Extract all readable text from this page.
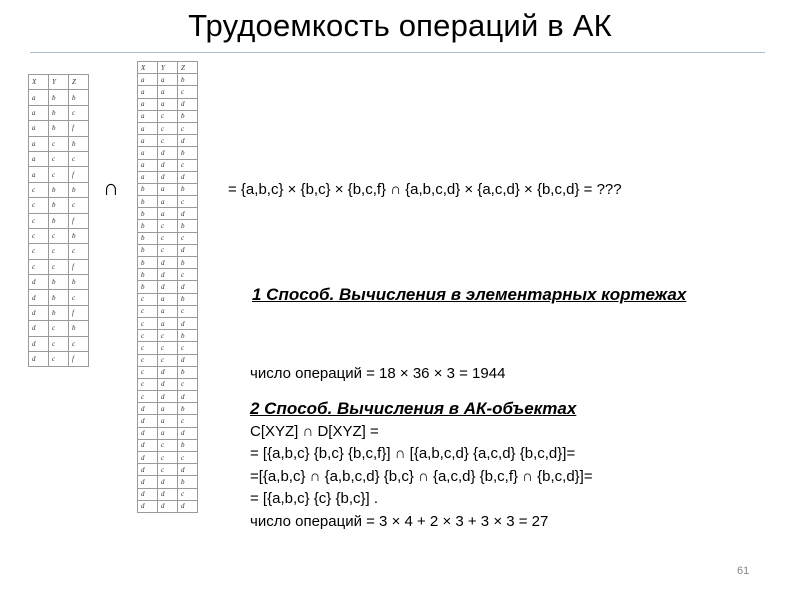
Трудоемкость операций в АК
X	Y	Z
a	b	b
a	b	c
a	b	f
a	c	b
a	c	c
a	c	f
c	b	b
c	b	c
c	b	f
c	c	b
c	c	c
c	c	f
d	b	b
d	b	c
d	b	f
d	c	b
d	c	c
d	c	f
∩
X	Y	Z
a	a	b
a	a	c
a	a	d
a	c	b
a	c	c
a	c	d
a	d	b
a	d	c
a	d	d
b	a	b
b	a	c
b	a	d
b	c	b
b	c	c
b	c	d
b	d	b
b	d	c
b	d	d
c	a	b
c	a	c
c	a	d
c	c	b
c	c	c
c	c	d
c	d	b
c	d	c
c	d	d
d	a	b
d	a	c
d	a	d
d	c	b
d	c	c
d	c	d
d	d	b
d	d	c
d	d	d
= {a,b,c} × {b,c} × {b,c,f} ∩ {a,b,c,d} × {a,c,d} × {b,c,d} = ???
1 Способ. Вычисления в элементарных кортежах
число операций = 18 × 36 × 3 = 1944
2 Способ. Вычисления в АК-объектах
C[XYZ] ∩ D[XYZ] =
= [{a,b,c} {b,c} {b,c,f}] ∩ [{a,b,c,d} {a,c,d} {b,c,d}]=
=[{a,b,c} ∩ {a,b,c,d} {b,c} ∩ {a,c,d} {b,c,f} ∩ {b,c,d}]=
= [{a,b,c} {c} {b,c}] .
число операций = 3 × 4 + 2 × 3 + 3 × 3 = 27
61
